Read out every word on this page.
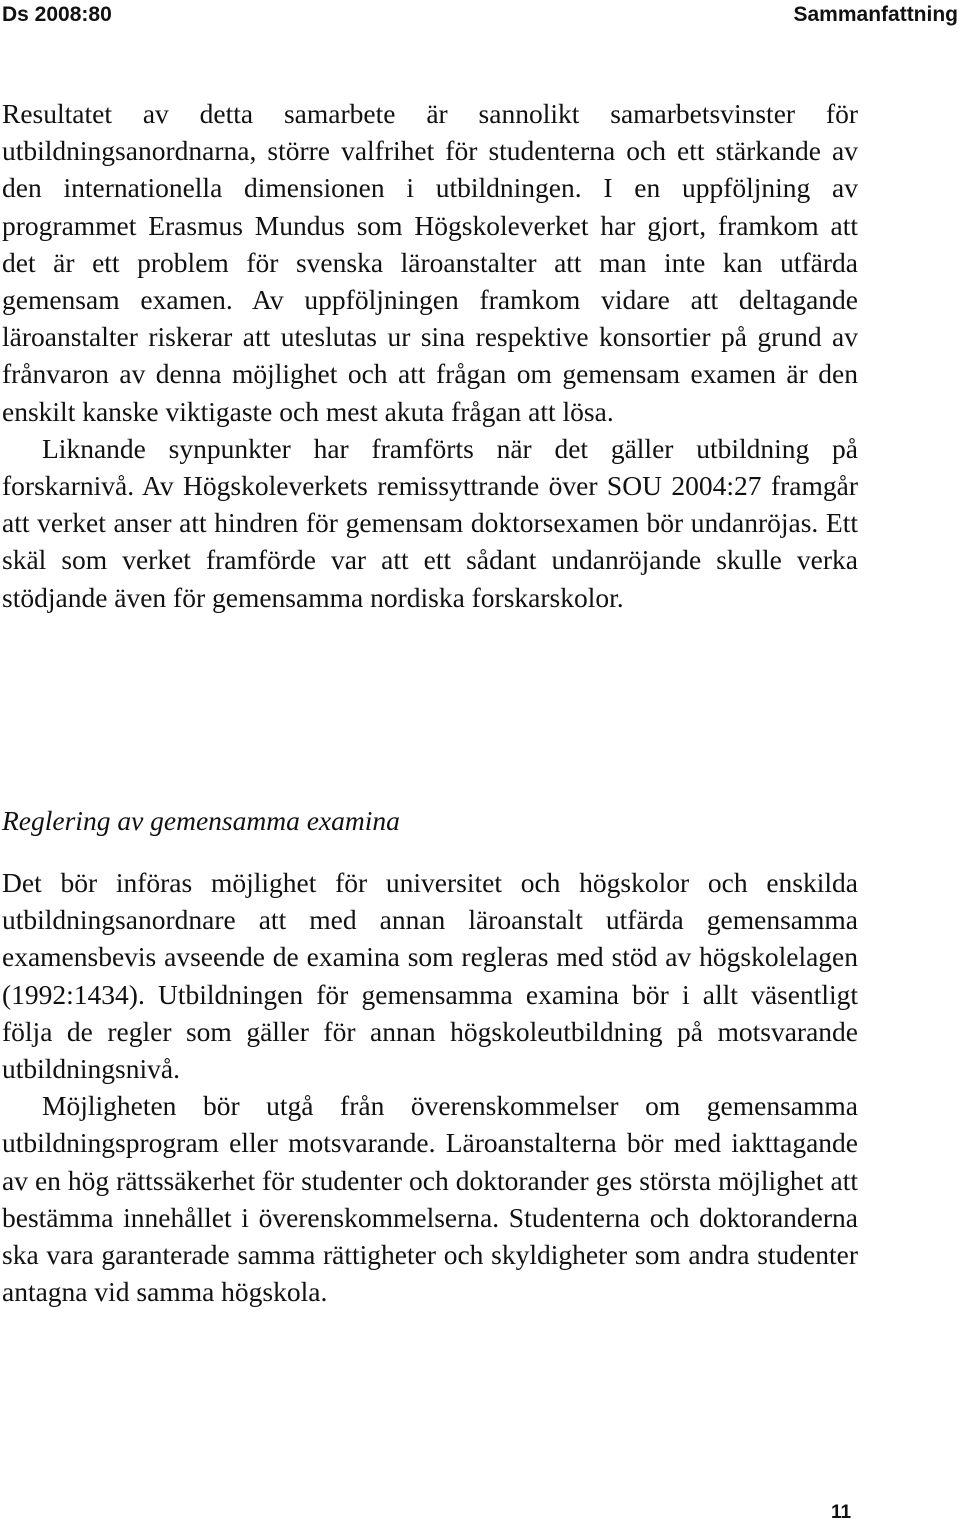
Ds 2008:80	Sammanfattning

Resultatet av detta samarbete är sannolikt samarbetsvinster för utbildningsanordnarna, större valfrihet för studenterna och ett stärkande av den internationella dimensionen i utbildningen. I en uppföljning av programmet Erasmus Mundus som Högskoleverket har gjort, framkom att det är ett problem för svenska läroanstalter att man inte kan utfärda gemensam examen. Av uppföljningen framkom vidare att deltagande läroanstalter riskerar att uteslutas ur sina respektive konsortier på grund av frånvaron av denna möjlighet och att frågan om gemensam examen är den enskilt kanske viktigaste och mest akuta frågan att lösa.

Liknande synpunkter har framförts när det gäller utbildning på forskarnivå. Av Högskoleverkets remissyttrande över SOU 2004:27 framgår att verket anser att hindren för gemensam doktorsexamen bör undanröjas. Ett skäl som verket framförde var att ett sådant undanröjande skulle verka stödjande även för gemensamma nordiska forskarskolor.

Reglering av gemensamma examina

Det bör införas möjlighet för universitet och högskolor och enskilda utbildningsanordnare att med annan läroanstalt utfärda gemensamma examensbevis avseende de examina som regleras med stöd av högskolelagen (1992:1434). Utbildningen för gemensamma examina bör i allt väsentligt följa de regler som gäller för annan högskoleutbildning på motsvarande utbildningsnivå.

Möjligheten bör utgå från överenskommelser om gemensamma utbildningsprogram eller motsvarande. Läroanstalterna bör med iakttagande av en hög rättssäkerhet för studenter och doktorander ges största möjlighet att bestämma innehållet i överenskommelserna. Studenterna och doktoranderna ska vara garanterade samma rättigheter och skyldigheter som andra studenter antagna vid samma högskola.

11
